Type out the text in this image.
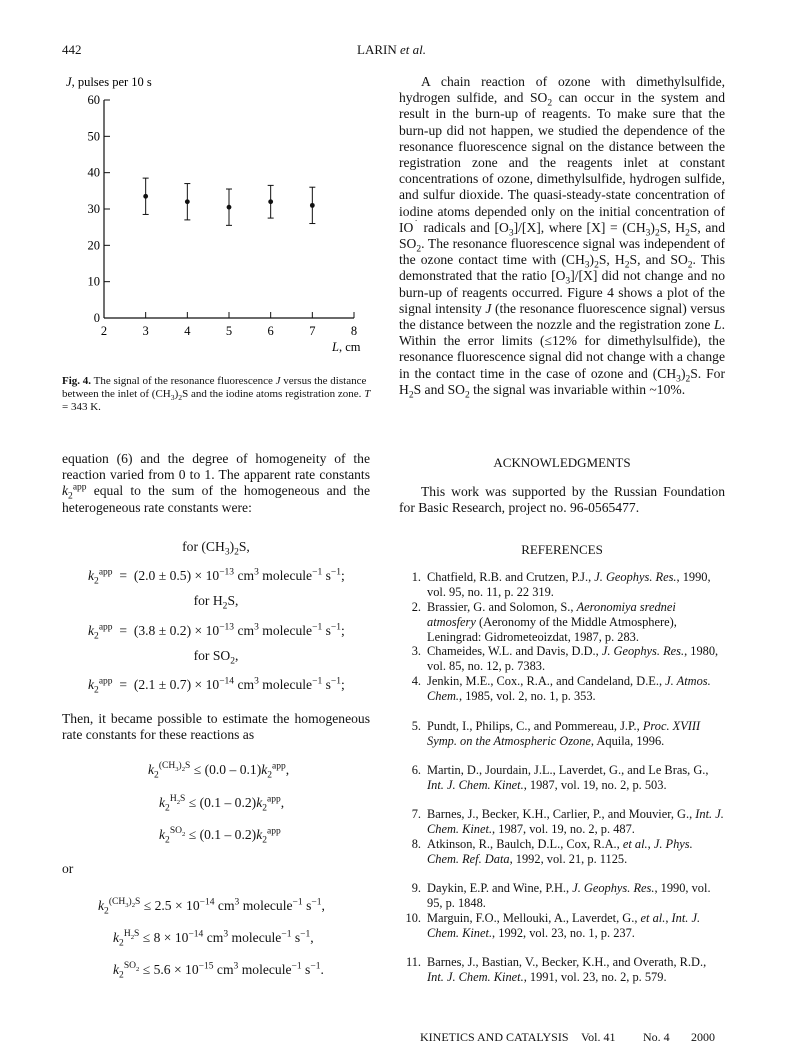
442	LARIN et al.
J, pulses per 10 s
0
10
20
30
40
50
60
2	3	4	5	6	7	8
L, cm
Fig. 4. The signal of the resonance fluorescence J versus the distance between the inlet of $(CH_3)_2S$ and the iodine atoms registration zone. T = 343 K.
equation (6) and the degree of homogeneity of the reaction varied from 0 to 1. The apparent rate constants $k_2^{app}$ equal to the sum of the homogeneous and the heterogeneous rate constants were:
for $(CH_3)_2S$,
$k_2^{app} = (2.0 \pm 0.5) \times 10^{-13}$ $cm^3$ molecule$^{-1}$ $s^{-1}$;
for $H_2S$,
$k_2^{app} = (3.8 \pm 0.2) \times 10^{-13}$ $cm^3$ molecule$^{-1}$ $s^{-1}$;
for $SO_2$,
$k_2^{app} = (2.1 \pm 0.7) \times 10^{-14}$ $cm^3$ molecule$^{-1}$ $s^{-1}$;
Then, it became possible to estimate the homogeneous rate constants for these reactions as
$k_2^{(CH_3)_2S} \le (0.0 - 0.1)k_2^{app}$,
$k_2^{H_2S} \le (0.1 - 0.2)k_2^{app}$,
$k_2^{SO_2} \le (0.1 - 0.2)k_2^{app}$
or
$k_2^{(CH_3)_2S} \le 2.5 \times 10^{-14}$ $cm^3$ molecule$^{-1}$ $s^{-1}$,
$k_2^{H_2S} \le 8 \times 10^{-14}$ $cm^3$ molecule$^{-1}$ $s^{-1}$,
$k_2^{SO_2} \le 5.6 \times 10^{-15}$ $cm^3$ molecule$^{-1}$ $s^{-1}$.
A chain reaction of ozone with dimethylsulfide, hydrogen sulfide, and $SO_2$ can occur in the system and result in the burn-up of reagents. To make sure that the burn-up did not happen, we studied the dependence of the resonance fluorescence signal on the distance between the registration zone and the reagents inlet at constant concentrations of ozone, dimethylsulfide, hydrogen sulfide, and sulfur dioxide. The quasi-steady-state concentration of iodine atoms depended only on the initial concentration of IO˙ radicals and $[O_3]/[X]$, where $[X] = (CH_3)_2S$, $H_2S$, and $SO_2$. The resonance fluorescence signal was independent of the ozone contact time with $(CH_3)_2S$, $H_2S$, and $SO_2$. This demonstrated that the ratio $[O_3]/[X]$ did not change and no burn-up of reagents occurred. Figure 4 shows a plot of the signal intensity J (the resonance fluorescence signal) versus the distance between the nozzle and the registration zone L. Within the error limits (≤12% for dimethylsulfide), the resonance fluorescence signal did not change with a change in the contact time in the case of ozone and $(CH_3)_2S$. For $H_2S$ and $SO_2$ the signal was invariable within ~10%.
ACKNOWLEDGMENTS
This work was supported by the Russian Foundation for Basic Research, project no. 96-0565477.
REFERENCES
1. Chatfield, R.B. and Crutzen, P.J., J. Geophys. Res., 1990, vol. 95, no. 11, p. 22 319.
2. Brassier, G. and Solomon, S., Aeronomiya srednei atmosfery (Aeronomy of the Middle Atmosphere), Leningrad: Gidrometeoizdat, 1987, p. 283.
3. Chameides, W.L. and Davis, D.D., J. Geophys. Res., 1980, vol. 85, no. 12, p. 7383.
4. Jenkin, M.E., Cox., R.A., and Candeland, D.E., J. Atmos. Chem., 1985, vol. 2, no. 1, p. 353.
5. Pundt, I., Philips, C., and Pommereau, J.P., Proc. XVIII Symp. on the Atmospheric Ozone, Aquila, 1996.
6. Martin, D., Jourdain, J.L., Laverdet, G., and Le Bras, G., Int. J. Chem. Kinet., 1987, vol. 19, no. 2, p. 503.
7. Barnes, J., Becker, K.H., Carlier, P., and Mouvier, G., Int. J. Chem. Kinet., 1987, vol. 19, no. 2, p. 487.
8. Atkinson, R., Baulch, D.L., Cox, R.A., et al., J. Phys. Chem. Ref. Data, 1992, vol. 21, p. 1125.
9. Daykin, E.P. and Wine, P.H., J. Geophys. Res., 1990, vol. 95, p. 1848.
10. Marguin, F.O., Mellouki, A., Laverdet, G., et al., Int. J. Chem. Kinet., 1992, vol. 23, no. 1, p. 237.
11. Barnes, J., Bastian, V., Becker, K.H., and Overath, R.D., Int. J. Chem. Kinet., 1991, vol. 23, no. 2, p. 579.
KINETICS AND CATALYSIS Vol. 41 No. 4 2000
